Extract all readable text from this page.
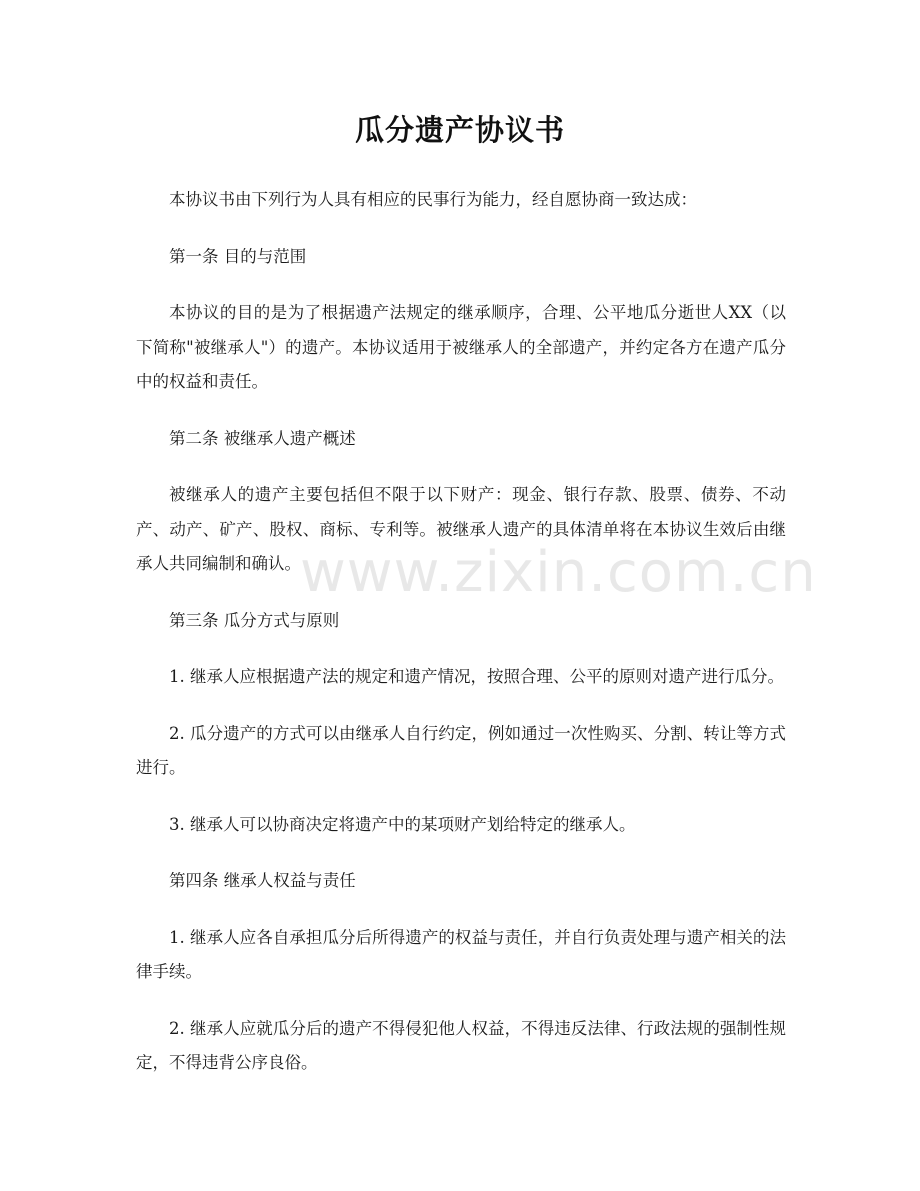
瓜分遗产协议书

本协议书由下列行为人具有相应的民事行为能力，经自愿协商一致达成：

第一条 目的与范围

本协议的目的是为了根据遗产法规定的继承顺序，合理、公平地瓜分逝世人XX（以下简称"被继承人"）的遗产。本协议适用于被继承人的全部遗产，并约定各方在遗产瓜分中的权益和责任。

第二条 被继承人遗产概述

被继承人的遗产主要包括但不限于以下财产：现金、银行存款、股票、债券、不动产、动产、矿产、股权、商标、专利等。被继承人遗产的具体清单将在本协议生效后由继承人共同编制和确认。

第三条 瓜分方式与原则

1. 继承人应根据遗产法的规定和遗产情况，按照合理、公平的原则对遗产进行瓜分。

2. 瓜分遗产的方式可以由继承人自行约定，例如通过一次性购买、分割、转让等方式进行。

3. 继承人可以协商决定将遗产中的某项财产划给特定的继承人。

第四条 继承人权益与责任

1. 继承人应各自承担瓜分后所得遗产的权益与责任，并自行负责处理与遗产相关的法律手续。

2. 继承人应就瓜分后的遗产不得侵犯他人权益，不得违反法律、行政法规的强制性规定，不得违背公序良俗。

www.zixin.com.cn
